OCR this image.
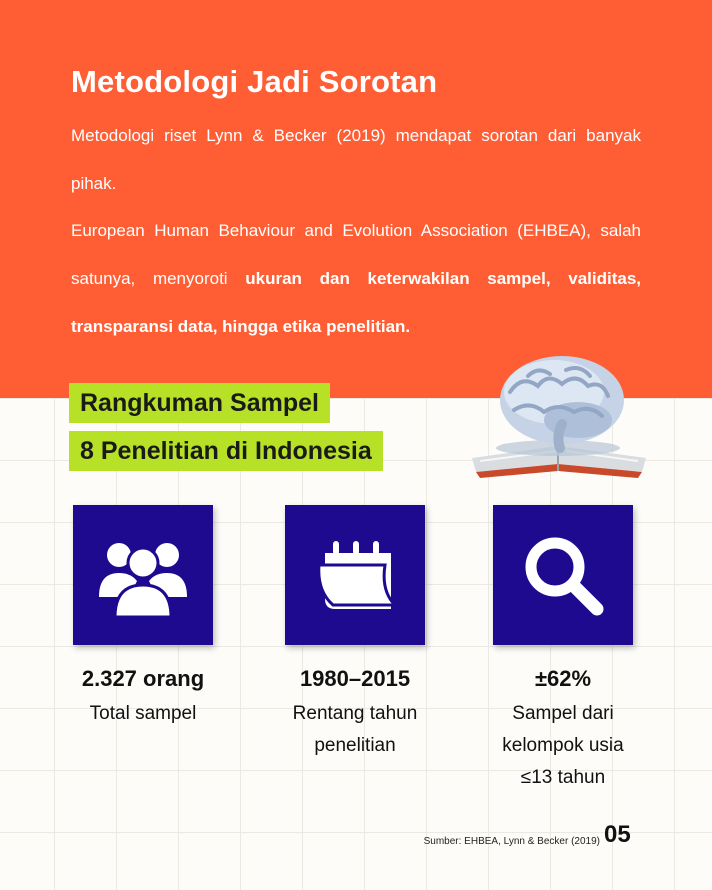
Metodologi Jadi Sorotan

Metodologi riset Lynn & Becker (2019) mendapat sorotan dari banyak pihak.

European Human Behaviour and Evolution Association (EHBEA), salah satunya, menyoroti ukuran dan keterwakilan sampel, validitas, transparansi data, hingga etika penelitian.

Rangkuman Sampel
8 Penelitian di Indonesia
2.327 orang
Total sampel
1980–2015
Rentang tahun penelitian
±62%
Sampel dari kelompok usia ≤13 tahun
Sumber: EHBEA, Lynn & Becker (2019) 05
